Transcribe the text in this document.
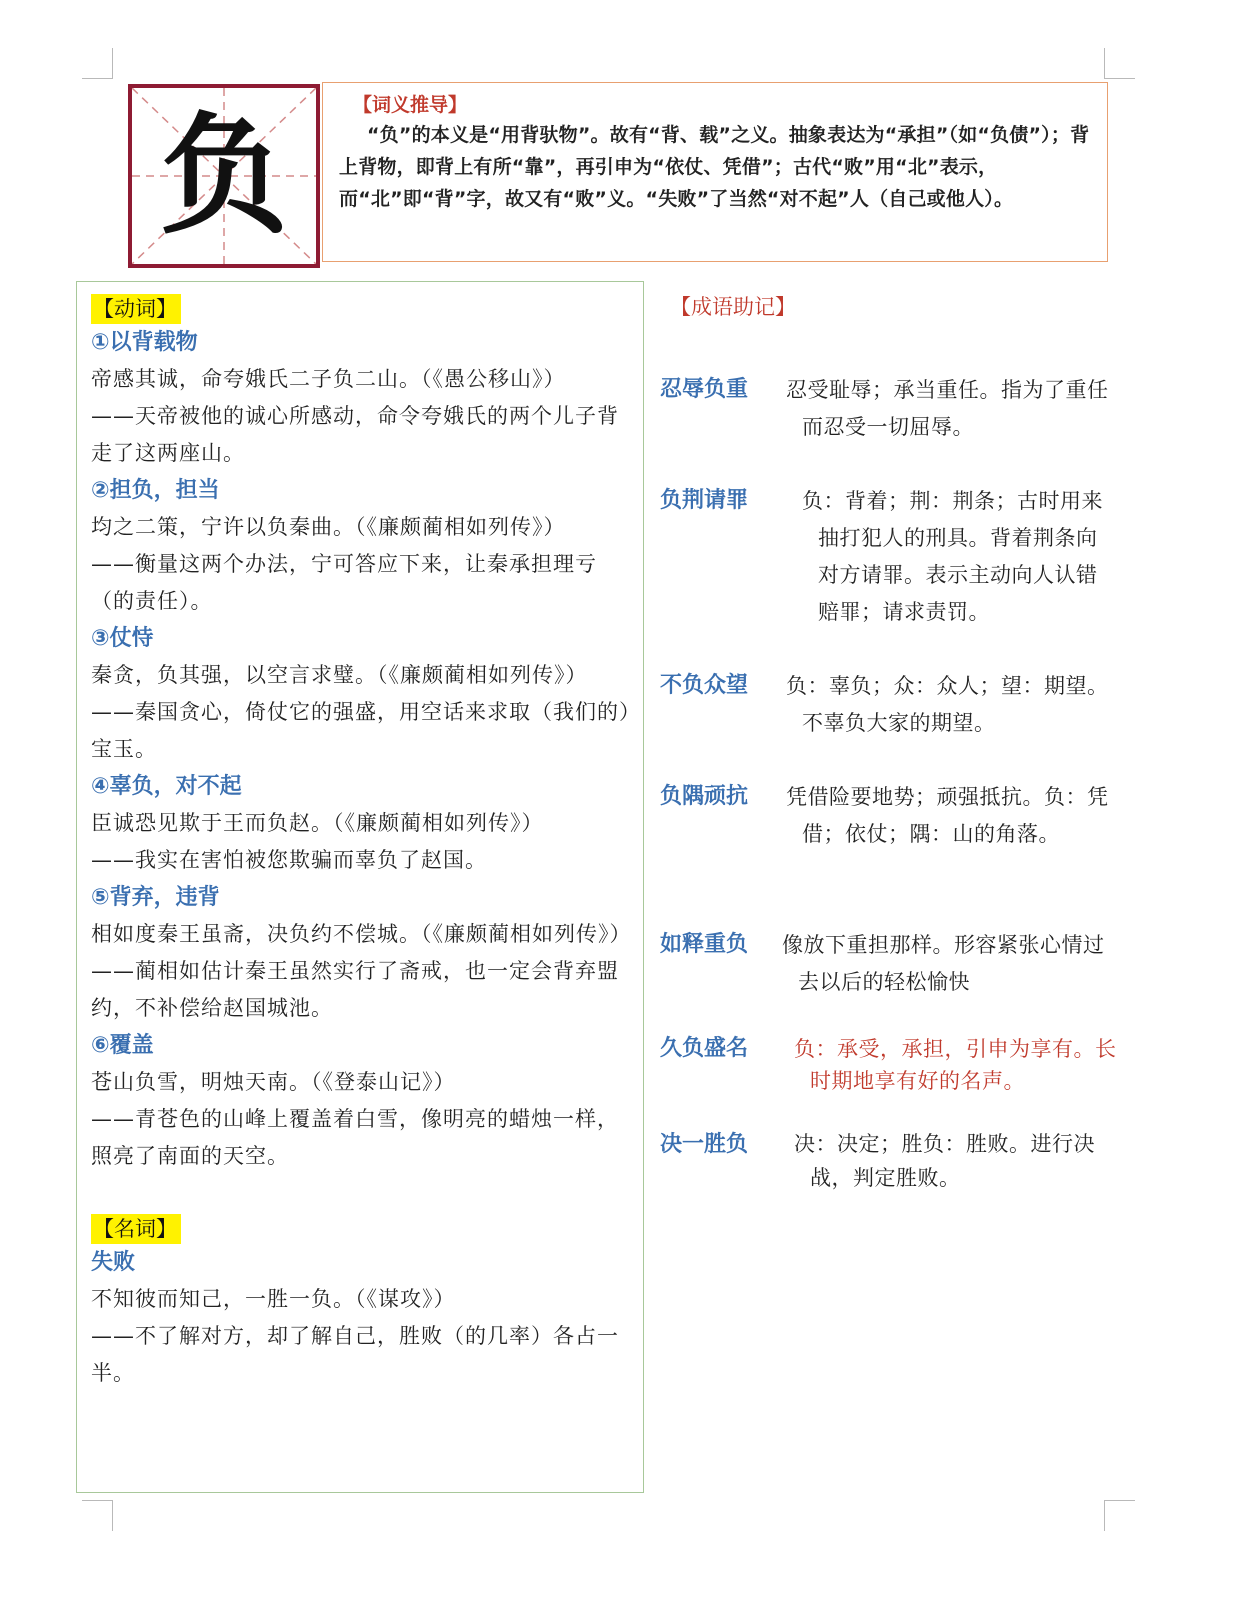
负	【词义推导】
“负”的本义是“用背驮物”。故有“背、载”之义。抽象表达为“承担”（如“负债”）；背上背物，即背上有所“靠”，再引申为“依仗、凭借”；古代“败”用“北”表示，而“北”即“背”字，故又有“败”义。“失败”了当然“对不起”人（自己或他人）。
【动词】
①以背载物
帝感其诚，命夸娥氏二子负二山。（《愚公移山》）
——天帝被他的诚心所感动，命令夸娥氏的两个儿子背走了这两座山。
②担负，担当
均之二策，宁许以负秦曲。（《廉颇蔺相如列传》）
——衡量这两个办法，宁可答应下来，让秦承担理亏（的责任）。
③仗恃
秦贪，负其强，以空言求璧。（《廉颇蔺相如列传》）
——秦国贪心，倚仗它的强盛，用空话来求取（我们的）宝玉。
④辜负，对不起
臣诚恐见欺于王而负赵。（《廉颇蔺相如列传》）
——我实在害怕被您欺骗而辜负了赵国。
⑤背弃，违背
相如度秦王虽斋，决负约不偿城。（《廉颇蔺相如列传》）
——蔺相如估计秦王虽然实行了斋戒，也一定会背弃盟约，不补偿给赵国城池。
⑥覆盖
苍山负雪，明烛天南。（《登泰山记》）
——青苍色的山峰上覆盖着白雪，像明亮的蜡烛一样，照亮了南面的天空。
【名词】
失败
不知彼而知己，一胜一负。（《谋攻》）
——不了解对方，却了解自己，胜败（的几率）各占一半。
【成语助记】
忍辱负重 忍受耻辱；承当重任。指为了重任而忍受一切屈辱。
负荆请罪	负：背着；荆：荆条；古时用来抽打犯人的刑具。背着荆条向对方请罪。表示主动向人认错赔罪；请求责罚。
不负众望 负：辜负；众：众人；望：期望。不辜负大家的期望。
负隅顽抗 凭借险要地势；顽强抵抗。负：凭借；依仗；隅：山的角落。
如释重负 像放下重担那样。形容紧张心情过去以后的轻松愉快
久负盛名 负：承受，承担，引申为享有。长时期地享有好的名声。
决一胜负 决：决定；胜负：胜败。进行决战，判定胜败。
